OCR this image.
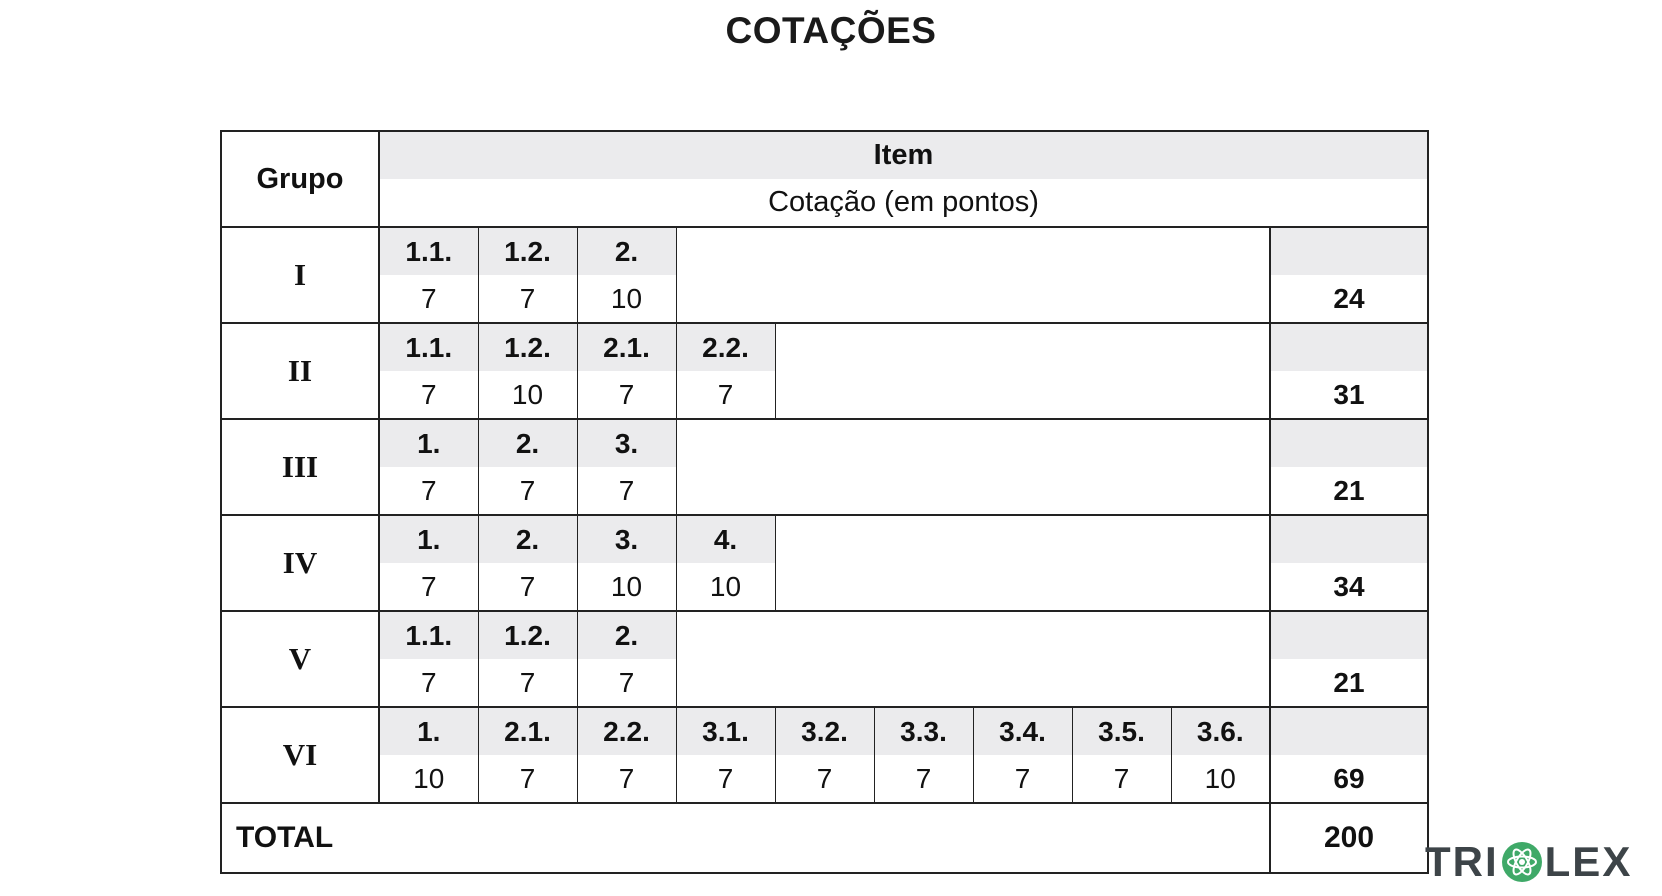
COTAÇÕES
Grupo	Item									
	Cotação (em pontos)									
I	1.1.	1.2.	2.							
	7	7	10							24
II	1.1.	1.2.	2.1.	2.2.						
	7	10	7	7						31
III	1.	2.	3.							
	7	7	7							21
IV	1.	2.	3.	4.						
	7	7	10	10						34
V	1.1.	1.2.	2.							
	7	7	7							21
VI	1.	2.1.	2.2.	3.1.	3.2.	3.3.	3.4.	3.5.	3.6.	
	10	7	7	7	7	7	7	7	10	69
TOTAL										200
TRI LEX
